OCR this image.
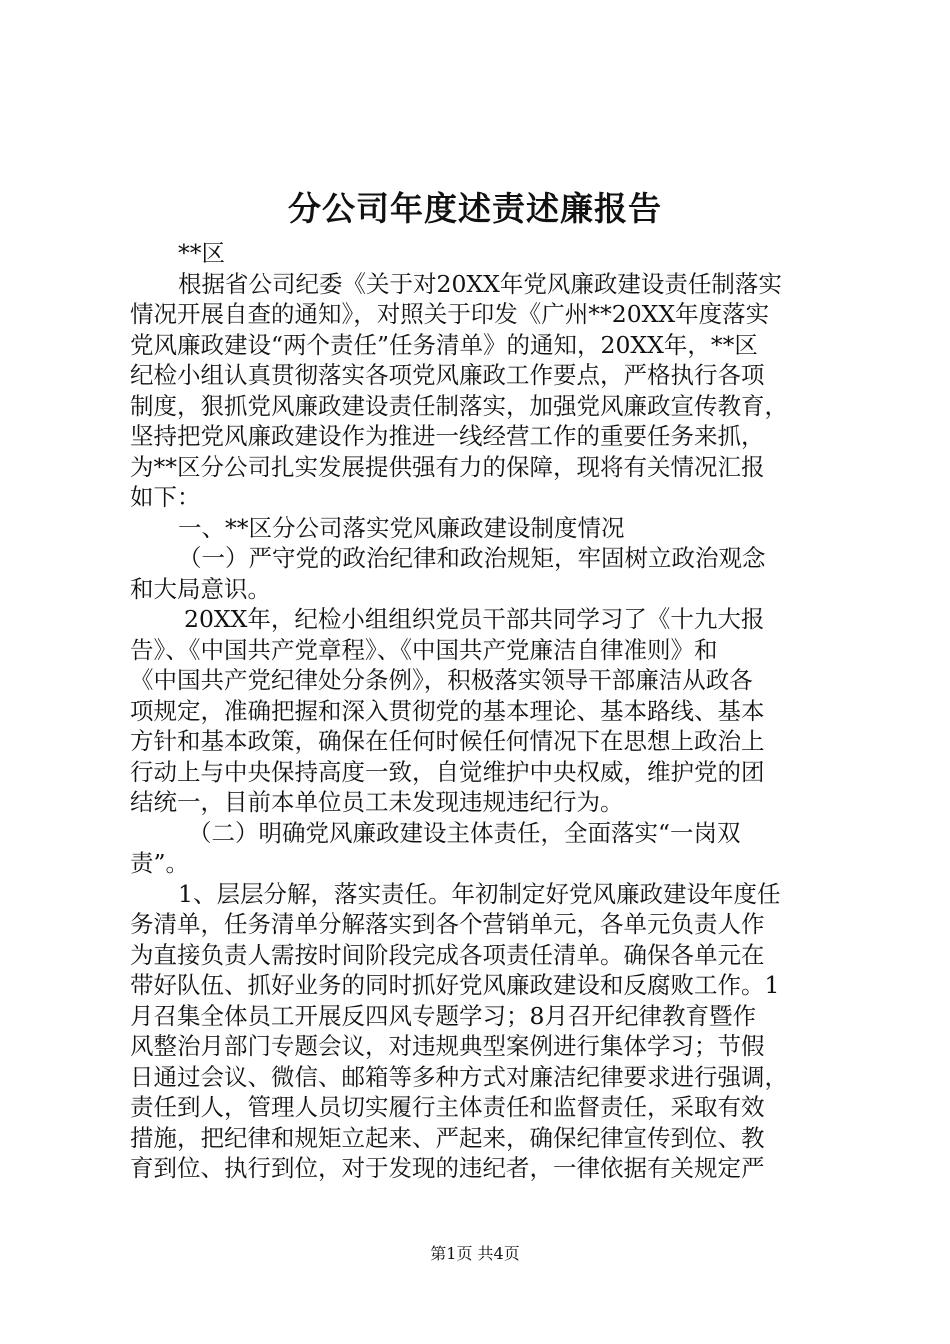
分公司年度述责述廉报告
**区
根据省公司纪委《关于对20XX年党风廉政建设责任制落实
情况开展自查的通知》，对照关于印发《广州**20XX年度落实
党风廉政建设“两个责任”任务清单》的通知，20XX年，**区
纪检小组认真贯彻落实各项党风廉政工作要点，严格执行各项
制度，狠抓党风廉政建设责任制落实，加强党风廉政宣传教育，
坚持把党风廉政建设作为推进一线经营工作的重要任务来抓，
为**区分公司扎实发展提供强有力的保障，现将有关情况汇报
如下：
一、**区分公司落实党风廉政建设制度情况
（一）严守党的政治纪律和政治规矩，牢固树立政治观念
和大局意识。
20XX年，纪检小组组织党员干部共同学习了《十九大报
告》、《中国共产党章程》、《中国共产党廉洁自律准则》和
《中国共产党纪律处分条例》，积极落实领导干部廉洁从政各
项规定，准确把握和深入贯彻党的基本理论、基本路线、基本
方针和基本政策，确保在任何时候任何情况下在思想上政治上
行动上与中央保持高度一致，自觉维护中央权威，维护党的团
结统一，目前本单位员工未发现违规违纪行为。
（二）明确党风廉政建设主体责任，全面落实“一岗双
责”。
1、层层分解，落实责任。年初制定好党风廉政建设年度任
务清单，任务清单分解落实到各个营销单元，各单元负责人作
为直接负责人需按时间阶段完成各项责任清单。确保各单元在
带好队伍、抓好业务的同时抓好党风廉政建设和反腐败工作。1
月召集全体员工开展反四风专题学习；8月召开纪律教育暨作
风整治月部门专题会议，对违规典型案例进行集体学习；节假
日通过会议、微信、邮箱等多种方式对廉洁纪律要求进行强调，
责任到人，管理人员切实履行主体责任和监督责任，采取有效
措施，把纪律和规矩立起来、严起来，确保纪律宣传到位、教
育到位、执行到位，对于发现的违纪者，一律依据有关规定严
第1页 共4页
